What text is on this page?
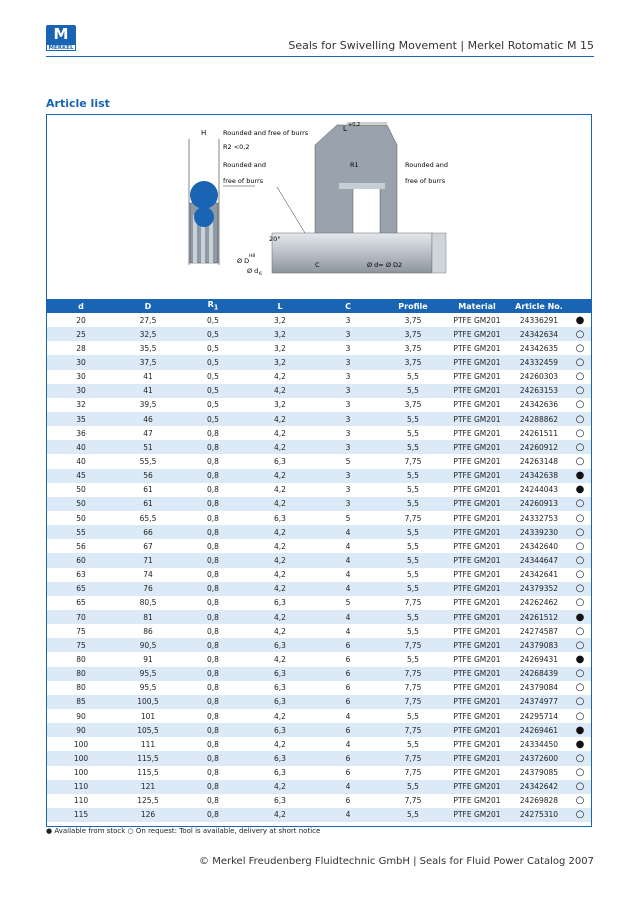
M
MERKEL	Seals for Swivelling Movement | Merkel Rotomatic M 15
Article list
H	Rounded and free of burrs
R2 <0,2
Rounded and
free of burrs
L +0,2
R1	Rounded and
free of burrs
20°
Ø D
H8
Ø d 6
C	Ø d= Ø D2
d	D	$R_1$	L	C	Profile	Material	Article No.	
20	27,5	0,5	3,2	3	3,75	PTFE GM201	24336291	●
25	32,5	0,5	3,2	3	3,75	PTFE GM201	24342634	○
28	35,5	0,5	3,2	3	3,75	PTFE GM201	24342635	○
30	37,5	0,5	3,2	3	3,75	PTFE GM201	24332459	○
30	41	0,5	4,2	3	5,5	PTFE GM201	24260303	○
30	41	0,5	4,2	3	5,5	PTFE GM201	24263153	○
32	39,5	0,5	3,2	3	3,75	PTFE GM201	24342636	○
35	46	0,5	4,2	3	5,5	PTFE GM201	24288862	○
36	47	0,8	4,2	3	5,5	PTFE GM201	24261511	○
40	51	0,8	4,2	3	5,5	PTFE GM201	24260912	○
40	55,5	0,8	6,3	5	7,75	PTFE GM201	24263148	○
45	56	0,8	4,2	3	5,5	PTFE GM201	24342638	●
50	61	0,8	4,2	3	5,5	PTFE GM201	24244043	●
50	61	0,8	4,2	3	5,5	PTFE GM201	24260913	○
50	65,5	0,8	6,3	5	7,75	PTFE GM201	24332753	○
55	66	0,8	4,2	4	5,5	PTFE GM201	24339230	○
56	67	0,8	4,2	4	5,5	PTFE GM201	24342640	○
60	71	0,8	4,2	4	5,5	PTFE GM201	24344647	○
63	74	0,8	4,2	4	5,5	PTFE GM201	24342641	○
65	76	0,8	4,2	4	5,5	PTFE GM201	24379352	○
65	80,5	0,8	6,3	5	7,75	PTFE GM201	24262462	○
70	81	0,8	4,2	4	5,5	PTFE GM201	24261512	●
75	86	0,8	4,2	4	5,5	PTFE GM201	24274587	○
75	90,5	0,8	6,3	6	7,75	PTFE GM201	24379083	○
80	91	0,8	4,2	6	5,5	PTFE GM201	24269431	●
80	95,5	0,8	6,3	6	7,75	PTFE GM201	24268439	○
80	95,5	0,8	6,3	6	7,75	PTFE GM201	24379084	○
85	100,5	0,8	6,3	6	7,75	PTFE GM201	24374977	○
90	101	0,8	4,2	4	5,5	PTFE GM201	24295714	○
90	105,5	0,8	6,3	6	7,75	PTFE GM201	24269461	●
100	111	0,8	4,2	4	5,5	PTFE GM201	24334450	●
100	115,5	0,8	6,3	6	7,75	PTFE GM201	24372600	○
100	115,5	0,8	6,3	6	7,75	PTFE GM201	24379085	○
110	121	0,8	4,2	4	5,5	PTFE GM201	24342642	○
110	125,5	0,8	6,3	6	7,75	PTFE GM201	24269828	○
115	126	0,8	4,2	4	5,5	PTFE GM201	24275310	○
● Available from stock ○ On request: Tool is available, delivery at short notice
© Merkel Freudenberg Fluidtechnic GmbH | Seals for Fluid Power Catalog 2007
